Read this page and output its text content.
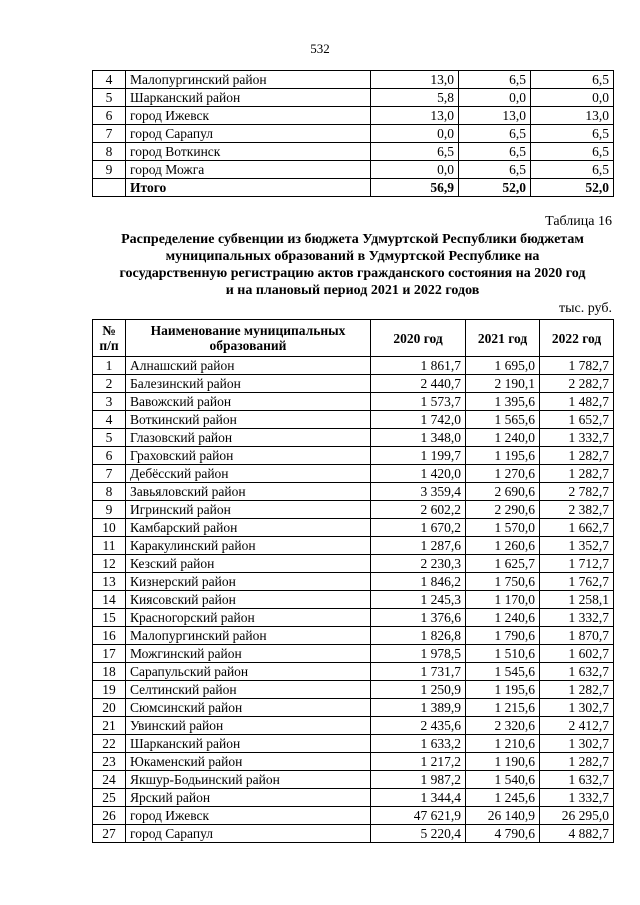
532
4	Малопургинский район	13,0	6,5	6,5
5	Шарканский район	5,8	0,0	0,0
6	город Ижевск	13,0	13,0	13,0
7	город Сарапул	0,0	6,5	6,5
8	город Воткинск	6,5	6,5	6,5
9	город Можга	0,0	6,5	6,5
	Итого	56,9	52,0	52,0
Таблица 16
Распределение субвенции из бюджета Удмуртской Республики бюджетам
муниципальных образований в Удмуртской Республике на
государственную регистрацию актов гражданского состояния на 2020 год
и на плановый период 2021 и 2022 годов
тыс. руб.
№ п/п	Наименование муниципальных образований	2020 год	2021 год	2022 год
1	Алнашский район	1 861,7	1 695,0	1 782,7
2	Балезинский район	2 440,7	2 190,1	2 282,7
3	Вавожский район	1 573,7	1 395,6	1 482,7
4	Воткинский район	1 742,0	1 565,6	1 652,7
5	Глазовский район	1 348,0	1 240,0	1 332,7
6	Граховский район	1 199,7	1 195,6	1 282,7
7	Дебёсский район	1 420,0	1 270,6	1 282,7
8	Завьяловский район	3 359,4	2 690,6	2 782,7
9	Игринский район	2 602,2	2 290,6	2 382,7
10	Камбарский район	1 670,2	1 570,0	1 662,7
11	Каракулинский район	1 287,6	1 260,6	1 352,7
12	Кезский район	2 230,3	1 625,7	1 712,7
13	Кизнерский район	1 846,2	1 750,6	1 762,7
14	Киясовский район	1 245,3	1 170,0	1 258,1
15	Красногорский район	1 376,6	1 240,6	1 332,7
16	Малопургинский район	1 826,8	1 790,6	1 870,7
17	Можгинский район	1 978,5	1 510,6	1 602,7
18	Сарапульский район	1 731,7	1 545,6	1 632,7
19	Селтинский район	1 250,9	1 195,6	1 282,7
20	Сюмсинский район	1 389,9	1 215,6	1 302,7
21	Увинский район	2 435,6	2 320,6	2 412,7
22	Шарканский район	1 633,2	1 210,6	1 302,7
23	Юкаменский район	1 217,2	1 190,6	1 282,7
24	Якшур-Бодьинский район	1 987,2	1 540,6	1 632,7
25	Ярский район	1 344,4	1 245,6	1 332,7
26	город Ижевск	47 621,9	26 140,9	26 295,0
27	город Сарапул	5 220,4	4 790,6	4 882,7
